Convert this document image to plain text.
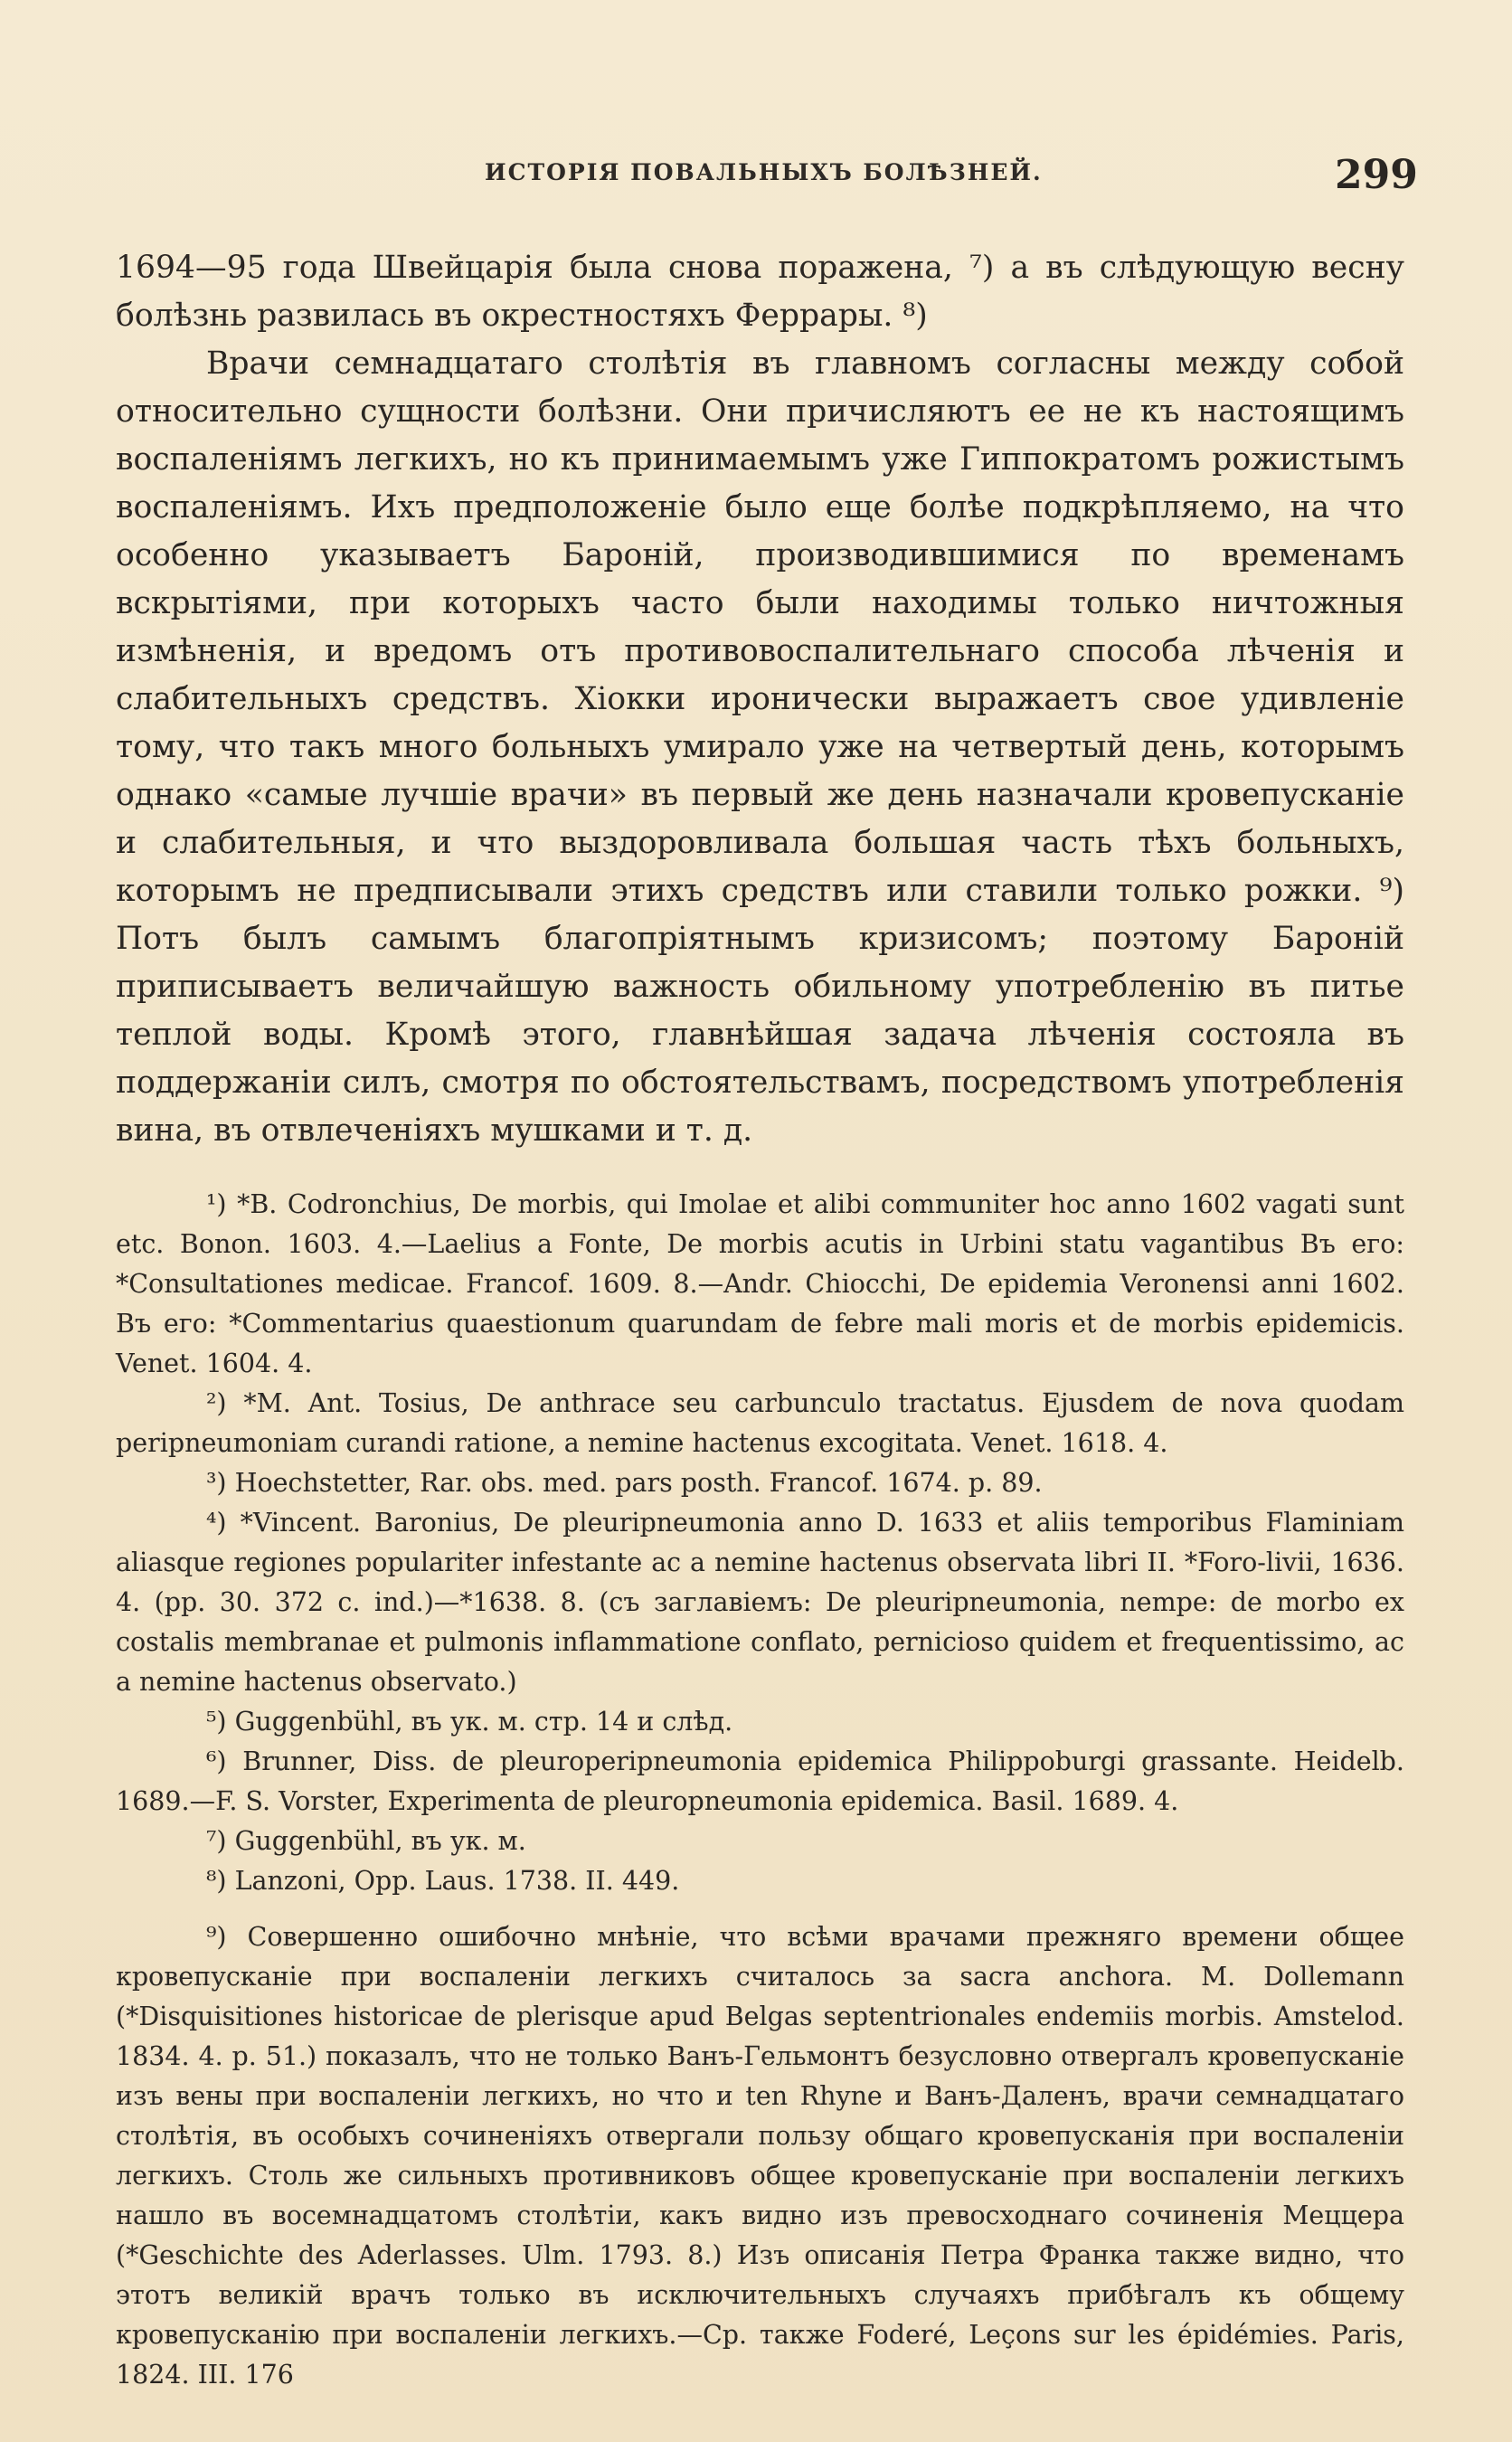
ИСТОРІЯ ПОВАЛЬНЫХЪ БОЛѢЗНЕЙ.	299

1694—95 года Швейцарія была снова поражена, ⁷) а въ слѣдующую весну болѣзнь развилась въ окрестностяхъ Феррары. ⁸)

Врачи семнадцатаго столѣтія въ главномъ согласны между собой относительно сущности болѣзни. Они причисляютъ ее не къ настоящимъ воспаленіямъ легкихъ, но къ принимаемымъ уже Гиппократомъ рожистымъ воспаленіямъ. Ихъ предположеніе было еще болѣе подкрѣпляемо, на что особенно указываетъ Бароній, производившимися по временамъ вскрытіями, при которыхъ часто были находимы только ничтожныя измѣненія, и вредомъ отъ противовоспалительнаго способа лѣченія и слабительныхъ средствъ. Хіокки иронически выражаетъ свое удивленіе тому, что такъ много больныхъ умирало уже на четвертый день, которымъ однако «самые лучшіе врачи» въ первый же день назначали кровепусканіе и слабительныя, и что выздоровливала большая часть тѣхъ больныхъ, которымъ не предписывали этихъ средствъ или ставили только рожки. ⁹) Потъ былъ самымъ благопріятнымъ кризисомъ; поэтому Бароній приписываетъ величайшую важность обильному употребленію въ питье теплой воды. Кромѣ этого, главнѣйшая задача лѣченія состояла въ поддержаніи силъ, смотря по обстоятельствамъ, посредствомъ употребленія вина, въ отвлеченіяхъ мушками и т. д.

¹) *B. Codronchius, De morbis, qui Imolae et alibi communiter hoc anno 1602 vagati sunt etc. Bonon. 1603. 4.—Laelius a Fonte, De morbis acutis in Urbini statu vagantibus Въ его: *Consultationes medicae. Francof. 1609. 8.—Andr. Chiocchi, De epidemia Veronensi anni 1602. Въ его: *Commentarius quaestionum quarundam de febre mali moris et de morbis epidemicis. Venet. 1604. 4.

²) *M. Ant. Tosius, De anthrace seu carbunculo tractatus. Ejusdem de nova quodam peripneumoniam curandi ratione, a nemine hactenus excogitata. Venet. 1618. 4.

³) Hoechstetter, Rar. obs. med. pars posth. Francof. 1674. p. 89.

⁴) *Vincent. Baronius, De pleuripneumonia anno D. 1633 et aliis temporibus Flaminiam aliasque regiones populariter infestante ac a nemine hactenus observata libri II. *Foro-livii, 1636. 4. (pp. 30. 372 c. ind.)—*1638. 8. (съ заглавіемъ: De pleuripneumonia, nempe: de morbo ex costalis membranae et pulmonis inflammatione conflato, pernicioso quidem et frequentissimo, ac a nemine hactenus observato.)

⁵) Guggenbühl, въ ук. м. стр. 14 и слѣд.

⁶) Brunner, Diss. de pleuroperipneumonia epidemica Philippoburgi grassante. Heidelb. 1689.—F. S. Vorster, Experimenta de pleuropneumonia epidemica. Basil. 1689. 4.

⁷) Guggenbühl, въ ук. м.

⁸) Lanzoni, Opp. Laus. 1738. II. 449.

⁹) Совершенно ошибочно мнѣніе, что всѣми врачами прежняго времени общее кровепусканіе при воспаленіи легкихъ считалось за sacra anchora. M. Dollemann (*Disquisitiones historicae de plerisque apud Belgas septentrionales endemiis morbis. Amstelod. 1834. 4. p. 51.) показалъ, что не только Ванъ-Гельмонтъ безусловно отвергалъ кровепусканіе изъ вены при воспаленіи легкихъ, но что и ten Rhyne и Ванъ-Даленъ, врачи семнадцатаго столѣтія, въ особыхъ сочиненіяхъ отвергали пользу общаго кровепусканія при воспаленіи легкихъ. Столь же сильныхъ противниковъ общее кровепусканіе при воспаленіи легкихъ нашло въ восемнадцатомъ столѣтіи, какъ видно изъ превосходнаго сочиненія Меццера (*Geschichte des Aderlasses. Ulm. 1793. 8.) Изъ описанія Петра Франка также видно, что этотъ великій врачъ только въ исключительныхъ случаяхъ прибѣгалъ къ общему кровепусканію при воспаленіи легкихъ.—Ср. также Foderé, Leçons sur les épidémies. Paris, 1824. III. 176
